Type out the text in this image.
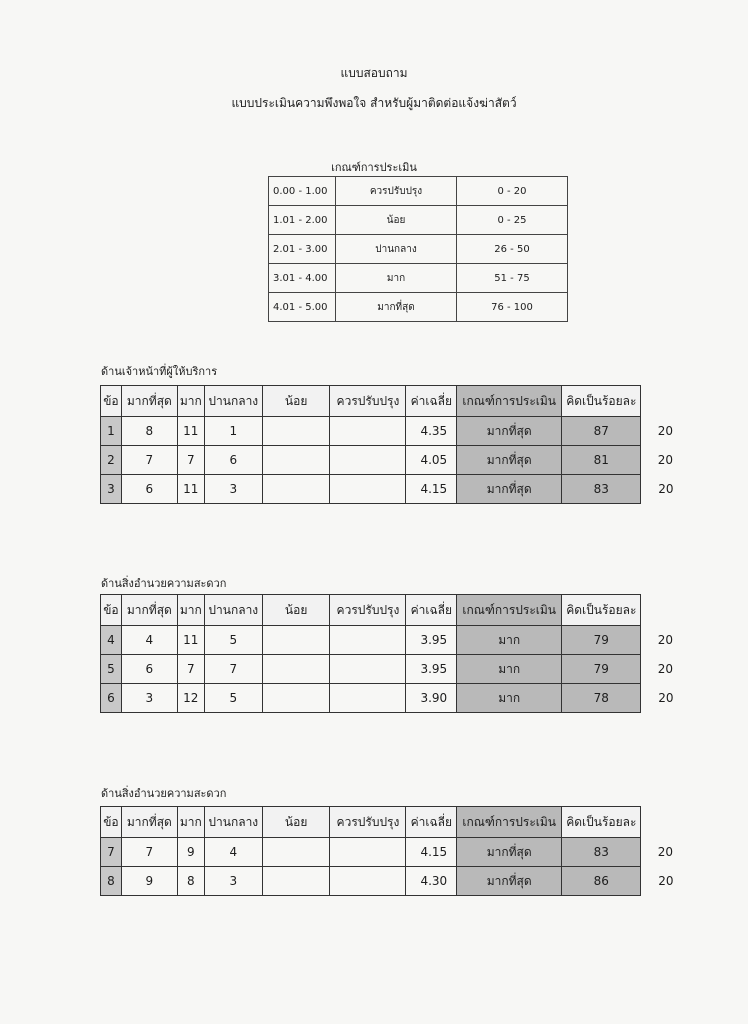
แบบสอบถาม
แบบประเมินความพึงพอใจ สำหรับผู้มาติดต่อแจ้งฆ่าสัตว์
เกณฑ์การประเมิน
0.00 - 1.00	ควรปรับปรุง	0 - 20
1.01 - 2.00	น้อย	0 - 25
2.01 - 3.00	ปานกลาง	26 - 50
3.01 - 4.00	มาก	51 - 75
4.01 - 5.00	มากที่สุด	76 - 100
ด้านเจ้าหน้าที่ผู้ให้บริการ
ข้อ	มากที่สุด	มาก	ปานกลาง	น้อย	ควรปรับปรุง	ค่าเฉลี่ย	เกณฑ์การประเมิน	คิดเป็นร้อยละ	
1	8	11	1			4.35	มากที่สุด	87	20
2	7	7	6			4.05	มากที่สุด	81	20
3	6	11	3			4.15	มากที่สุด	83	20
ด้านสิ่งอำนวยความสะดวก
ข้อ	มากที่สุด	มาก	ปานกลาง	น้อย	ควรปรับปรุง	ค่าเฉลี่ย	เกณฑ์การประเมิน	คิดเป็นร้อยละ	
4	4	11	5			3.95	มาก	79	20
5	6	7	7			3.95	มาก	79	20
6	3	12	5			3.90	มาก	78	20
ด้านสิ่งอำนวยความสะดวก
ข้อ	มากที่สุด	มาก	ปานกลาง	น้อย	ควรปรับปรุง	ค่าเฉลี่ย	เกณฑ์การประเมิน	คิดเป็นร้อยละ	
7	7	9	4			4.15	มากที่สุด	83	20
8	9	8	3			4.30	มากที่สุด	86	20
